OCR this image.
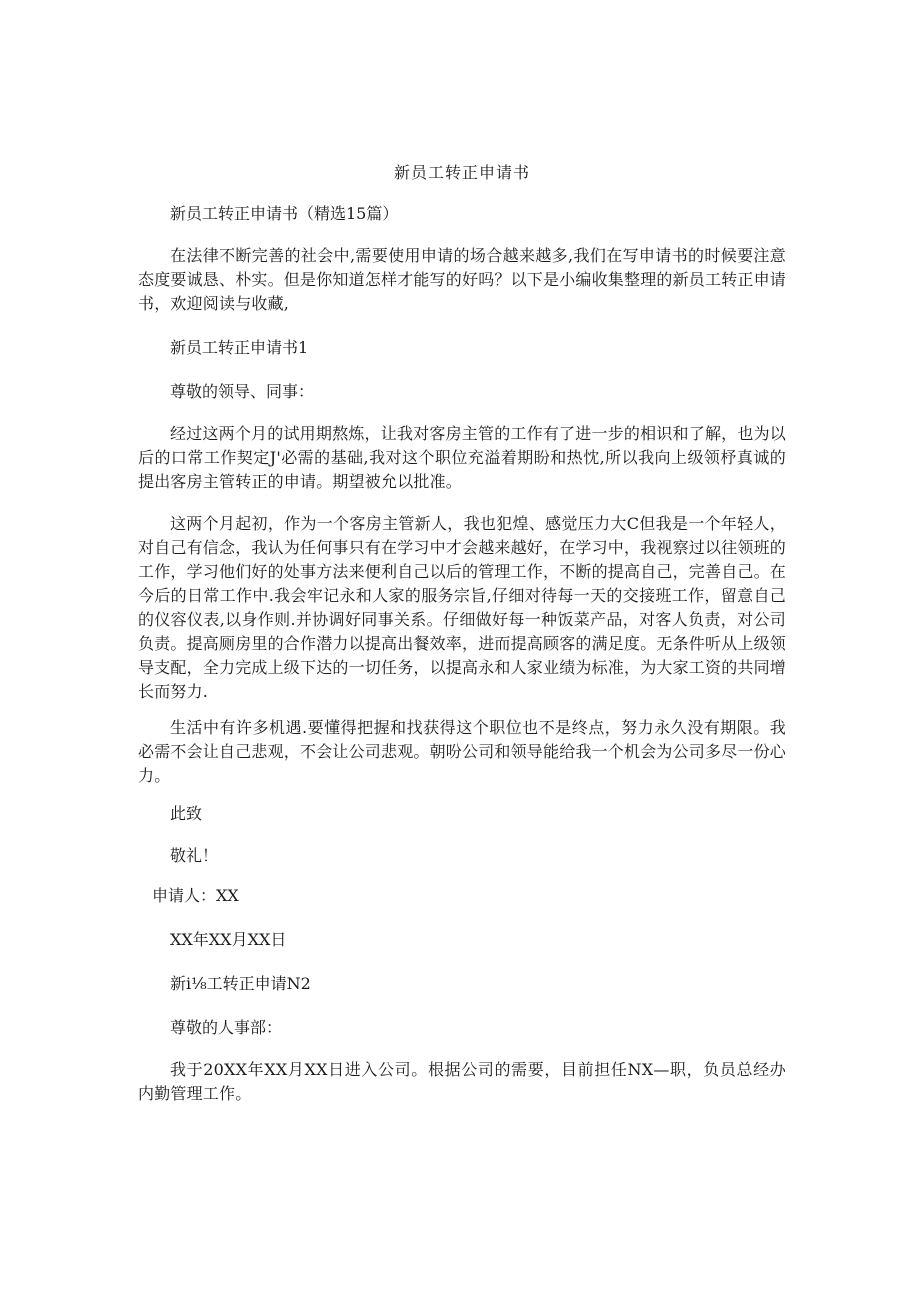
新员工转正申请书
新员工转正申请书（精选15篇）
在法律不断完善的社会中,需要使用申请的场合越来越多,我们在写申请书的时候要注意态度要诚恳、朴实。但是你知道怎样才能写的好吗？以下是小编收集整理的新员工转正申请书，欢迎阅读与收藏,
新员工转正申请书1
尊敬的领导、同事：
经过这两个月的试用期熬炼，让我对客房主管的工作有了进一步的相识和了解，也为以后的口常工作契定J'必需的基础,我对这个职位充溢着期盼和热忱,所以我向上级领杼真诚的提出客房主管转正的申请。期望被允以批准。
这两个月起初，作为一个客房主管新人，我也犯煌、感觉压力大C但我是一个年轻人，对自己有信念，我认为任何事只有在学习中才会越来越好，在学习中，我视察过以往领班的工作，学习他们好的处事方法来便利自己以后的管理工作，不断的提高自己，完善自己。在今后的日常工作中.我会牢记永和人家的服务宗旨,仔细对待每一天的交接班工作，留意自己的仪容仪表,以身作则.并协调好同事关系。仔细做好每一种饭菜产品，对客人负责，对公司负责。提高厕房里的合作潜力以提高出餐效率，进而提高顾客的满足度。无条件听从上级领导支配，全力完成上级下达的一切任务，以提高永和人家业绩为标准，为大家工资的共同增长而努力.
生活中有许多机遇.要懂得把握和找获得这个职位也不是终点，努力永久没有期限。我必需不会让自己悲观，不会让公司悲观。朝吩公司和领导能给我一个机会为公司多尽一份心力。
此致
敬礼！
申请人：XX
XX年XX月XX日
新i⅛工转正申请N2
尊敬的人事部：
我于20XX年XX月XX日进入公司。根据公司的需要，目前担任NX—职，负员总经办内勤管理工作。
